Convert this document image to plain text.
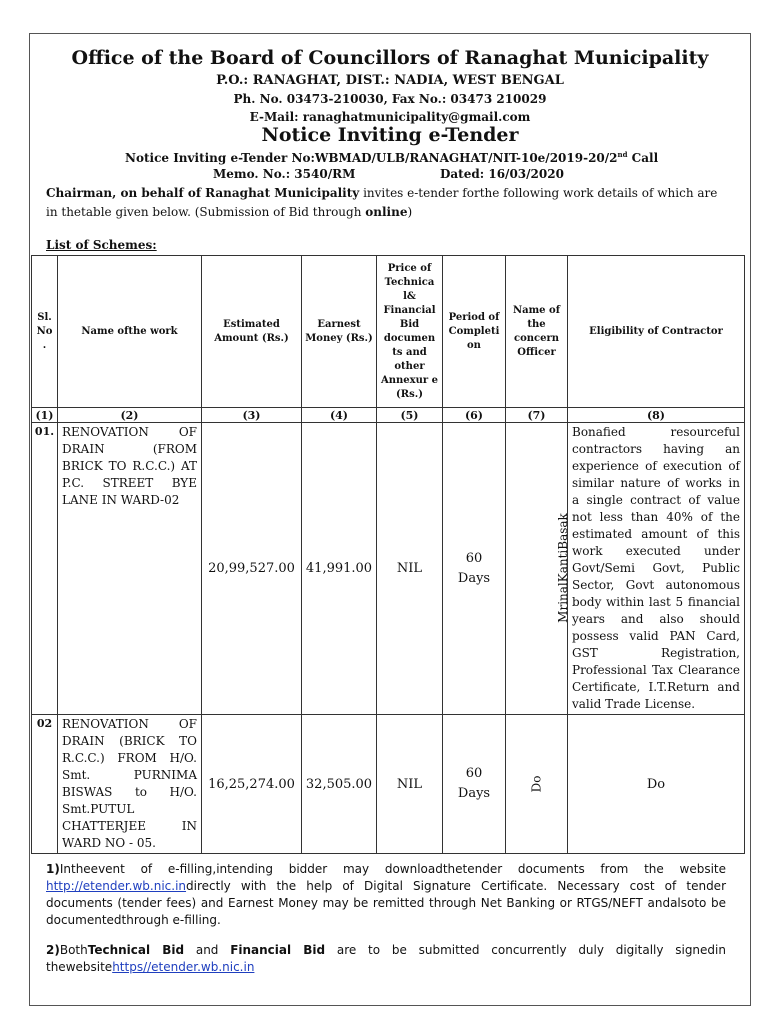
Office of the Board of Councillors of Ranaghat Municipality
P.O.: RANAGHAT, DIST.: NADIA, WEST BENGAL
Ph. No. 03473-210030, Fax No.: 03473 210029
E-Mail: ranaghatmunicipality@gmail.com
Notice Inviting e-Tender
Notice Inviting e-Tender No:WBMAD/ULB/RANAGHAT/NIT-10e/2019-20/2nd Call
Memo. No.: 3540/RM	Dated: 16/03/2020
Chairman, on behalf of Ranaghat Municipality invites e-tender forthe following work details of which are in thetable given below. (Submission of Bid through online)
List of Schemes:
Sl. No .	Name ofthe work	Estimated Amount (Rs.)	Earnest Money (Rs.)	Price of Technica l& Financial Bid documen ts and other Annexur e (Rs.)	Period of Completi on	Name of the concern Officer	Eligibility of Contractor
(1)	(2)	(3)	(4)	(5)	(6)	(7)	(8)
01.	RENOVATION OF DRAIN (FROM BRICK TO R.C.C.) AT P.C. STREET BYE LANE IN WARD-02	20,99,527.00	41,991.00	NIL	60 Days	MrinalKantiBasak	Bonafied resourceful contractors having an experience of execution of similar nature of works in a single contract of value not less than 40% of the estimated amount of this work executed under Govt/Semi Govt, Public Sector, Govt autonomous body within last 5 financial years and also should possess valid PAN Card, GST Registration, Professional Tax Clearance Certificate, I.T.Return and valid Trade License.
02	RENOVATION OF DRAIN (BRICK TO R.C.C.) FROM H/O. Smt. PURNIMA BISWAS to H/O. Smt.PUTUL CHATTERJEE IN WARD NO - 05.	16,25,274.00	32,505.00	NIL	60 Days	Do	Do
1)Intheevent of e-filling,intending bidder may downloadthetender documents from the website http://etender.wb.nic.indirectly with the help of Digital Signature Certificate. Necessary cost of tender documents (tender fees) and Earnest Money may be remitted through Net Banking or RTGS/NEFT andalsoto be documentedthrough e-filling.
2)BothTechnical Bid and Financial Bid are to be submitted concurrently duly digitally signedin thewebsitehttps//etender.wb.nic.in
